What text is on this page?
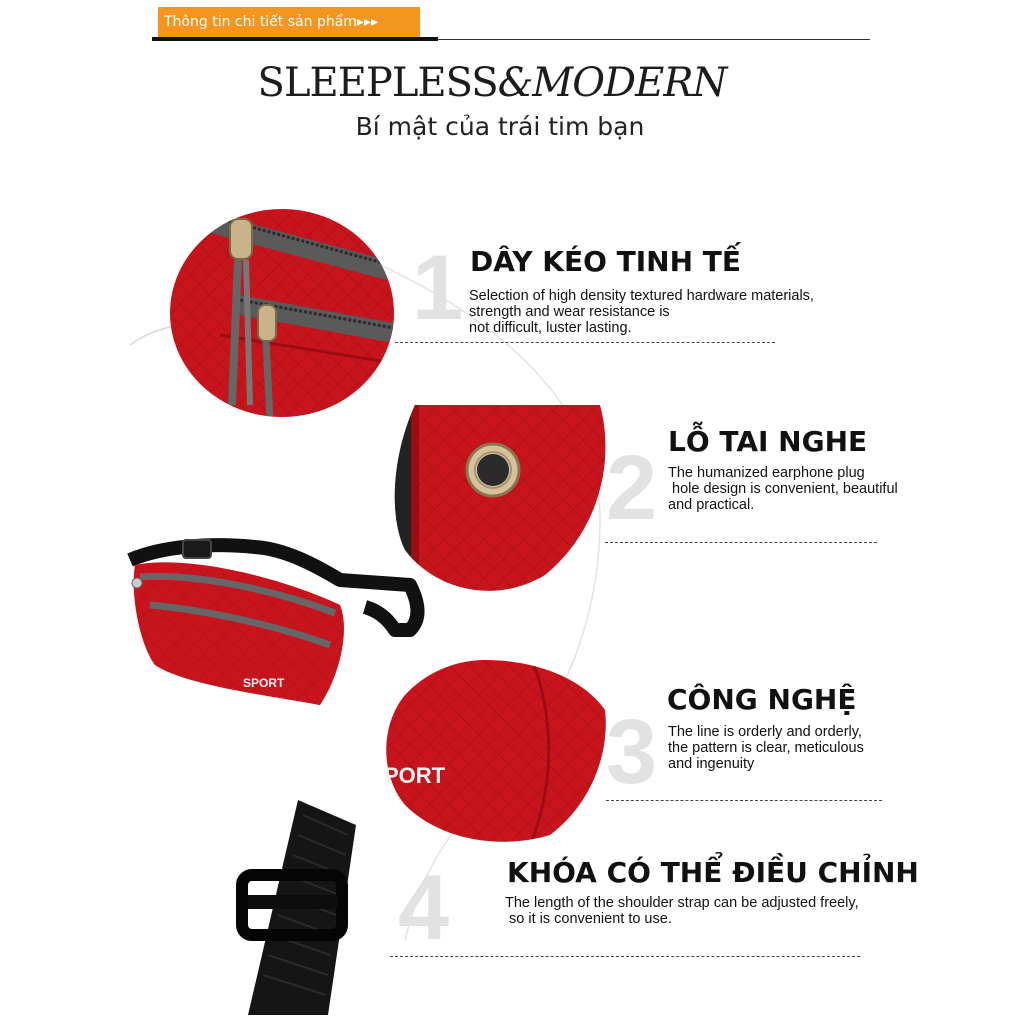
Thông tin chi tiết sản phẩm▸▸▸
SLEEPLESS&MODERN
Bí mật của trái tim bạn
1
2
3
4
SPORT
PORT
DÂY KÉO TINH TẾ
Selection of high density textured hardware materials,
strength and wear resistance is
not difficult, luster lasting.
LỖ TAI NGHE
The humanized earphone plug
hole design is convenient, beautiful
and practical.
CÔNG NGHỆ
The line is orderly and orderly,
the pattern is clear, meticulous
and ingenuity
KHÓA CÓ THỂ ĐIỀU CHỈNH
The length of the shoulder strap can be adjusted freely,
so it is convenient to use.
